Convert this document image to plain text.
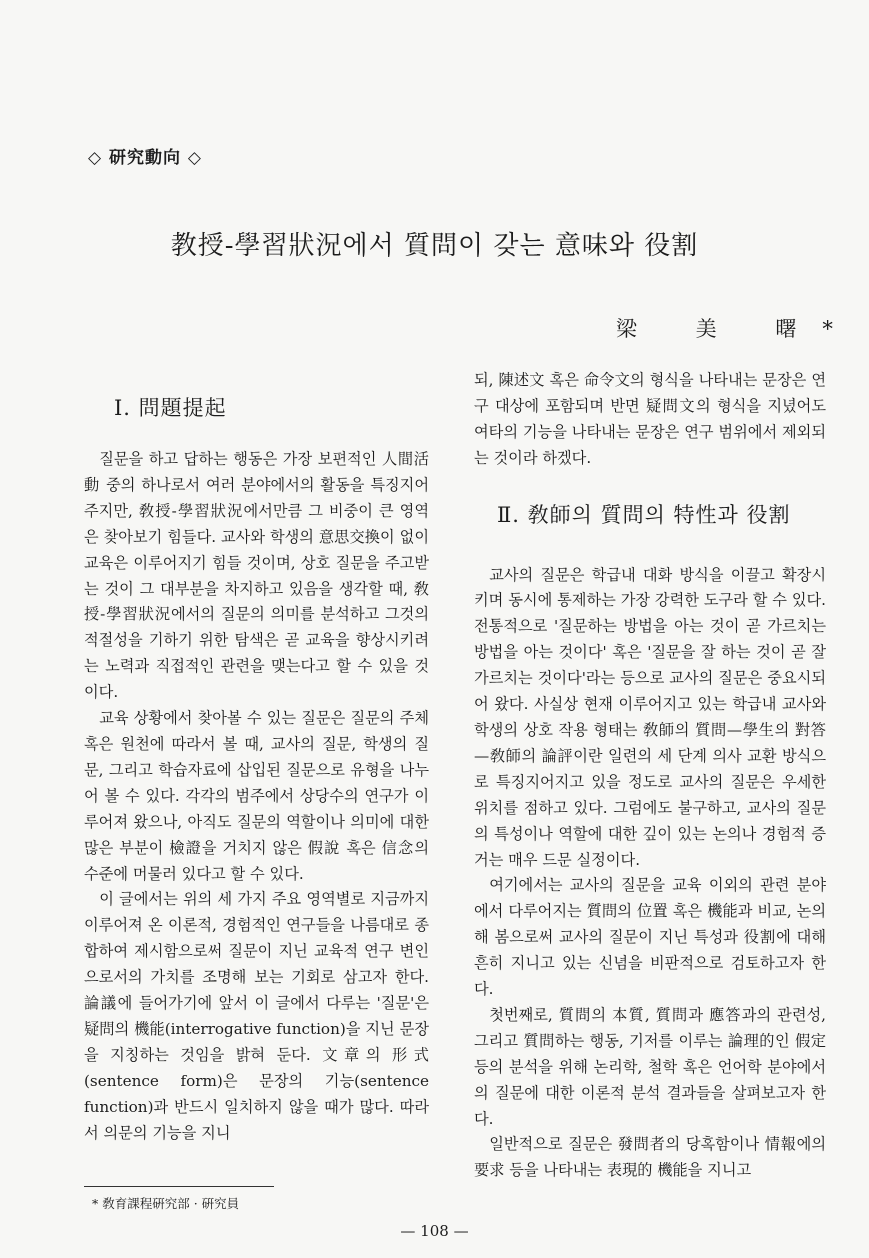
◇ 研究動向 ◇
教授-學習狀況에서 質問이 갖는 意味와 役割
梁 美 曙*
Ⅰ. 問題提起

질문을 하고 답하는 행동은 가장 보편적인 人間活動 중의 하나로서 여러 분야에서의 활동을 특징지어 주지만, 敎授-學習狀況에서만큼 그 비중이 큰 영역은 찾아보기 힘들다. 교사와 학생의 意思交換이 없이 교육은 이루어지기 힘들 것이며, 상호 질문을 주고받는 것이 그 대부분을 차지하고 있음을 생각할 때, 敎授-學習狀況에서의 질문의 의미를 분석하고 그것의 적절성을 기하기 위한 탐색은 곧 교육을 향상시키려는 노력과 직접적인 관련을 맺는다고 할 수 있을 것이다.

교육 상황에서 찾아볼 수 있는 질문은 질문의 주체 혹은 원천에 따라서 볼 때, 교사의 질문, 학생의 질문, 그리고 학습자료에 삽입된 질문으로 유형을 나누어 볼 수 있다. 각각의 범주에서 상당수의 연구가 이루어져 왔으나, 아직도 질문의 역할이나 의미에 대한 많은 부분이 檢證을 거치지 않은 假說 혹은 信念의 수준에 머물러 있다고 할 수 있다.

이 글에서는 위의 세 가지 주요 영역별로 지금까지 이루어져 온 이론적, 경험적인 연구들을 나름대로 종합하여 제시함으로써 질문이 지닌 교육적 연구 변인으로서의 가치를 조명해 보는 기회로 삼고자 한다. 論議에 들어가기에 앞서 이 글에서 다루는 '질문'은 疑問의 機能(interrogative function)을 지닌 문장을 지칭하는 것임을 밝혀 둔다. 文章의 形式(sentence form)은 문장의 기능(sentence function)과 반드시 일치하지 않을 때가 많다. 따라서 의문의 기능을 지니

되, 陳述文 혹은 命令文의 형식을 나타내는 문장은 연구 대상에 포함되며 반면 疑問文의 형식을 지녔어도 여타의 기능을 나타내는 문장은 연구 범위에서 제외되는 것이라 하겠다.

Ⅱ. 敎師의 質問의 特性과 役割

교사의 질문은 학급내 대화 방식을 이끌고 확장시키며 동시에 통제하는 가장 강력한 도구라 할 수 있다. 전통적으로 '질문하는 방법을 아는 것이 곧 가르치는 방법을 아는 것이다' 혹은 '질문을 잘 하는 것이 곧 잘 가르치는 것이다'라는 등으로 교사의 질문은 중요시되어 왔다. 사실상 현재 이루어지고 있는 학급내 교사와 학생의 상호 작용 형태는 敎師의 質問—學生의 對答—敎師의 論評이란 일련의 세 단계 의사 교환 방식으로 특징지어지고 있을 정도로 교사의 질문은 우세한 위치를 점하고 있다. 그럼에도 불구하고, 교사의 질문의 특성이나 역할에 대한 깊이 있는 논의나 경험적 증거는 매우 드문 실정이다.

여기에서는 교사의 질문을 교육 이외의 관련 분야에서 다루어지는 質問의 位置 혹은 機能과 비교, 논의해 봄으로써 교사의 질문이 지닌 특성과 役割에 대해 흔히 지니고 있는 신념을 비판적으로 검토하고자 한다.

첫번째로, 質問의 本質, 質問과 應答과의 관련성, 그리고 質問하는 행동, 기저를 이루는 論理的인 假定 등의 분석을 위해 논리학, 철학 혹은 언어학 분야에서의 질문에 대한 이론적 분석 결과들을 살펴보고자 한다.

일반적으로 질문은 發問者의 당혹함이나 情報에의 要求 등을 나타내는 表現的 機能을 지니고

* 敎育課程硏究部 · 硏究員
— 108 —
